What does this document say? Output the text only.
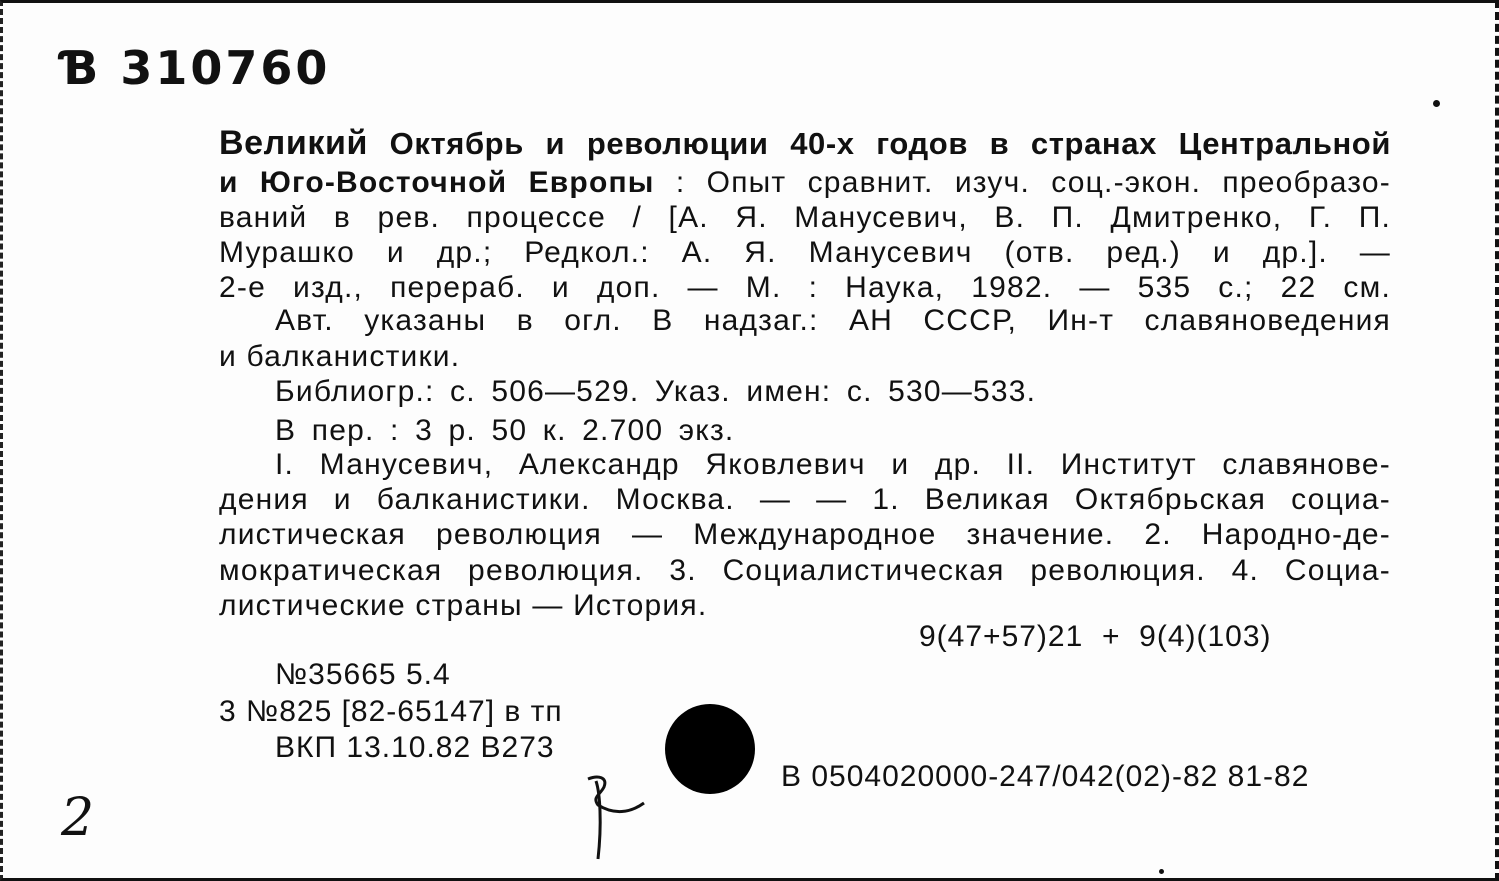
Ɓ 310760
Великий Октябрь и революции 40-х годов в странах Центральной
и Юго-Восточной Европы : Опыт сравнит. изуч. соц.-экон. преобразо-
ваний в рев. процессе / [А. Я. Манусевич, В. П. Дмитренко, Г. П.
Мурашко и др.; Редкол.: А. Я. Манусевич (отв. ред.) и др.]. —
2-е изд., перераб. и доп. — М. : Наука, 1982. — 535 с.; 22 см.
Авт. указаны в огл. В надзаг.: АН СССР, Ин-т славяноведения
и балканистики.
Библиогр.: с. 506—529. Указ. имен: с. 530—533.
В пер. : 3 р. 50 к. 2.700 экз.
I. Манусевич, Александр Яковлевич и др. II. Институт славянове-
дения и балканистики. Москва. — — 1. Великая Октябрьская социа-
листическая революция — Международное значение. 2. Народно-де-
мократическая революция. 3. Социалистическая революция. 4. Социа-
листические страны — История.
9(47+57)21  +  9(4)(103)
№35665 5.4
3 №825 [82-65147] в тп
ВКП 13.10.82 В273
В 0504020000-247/042(02)-82 81-82
2
